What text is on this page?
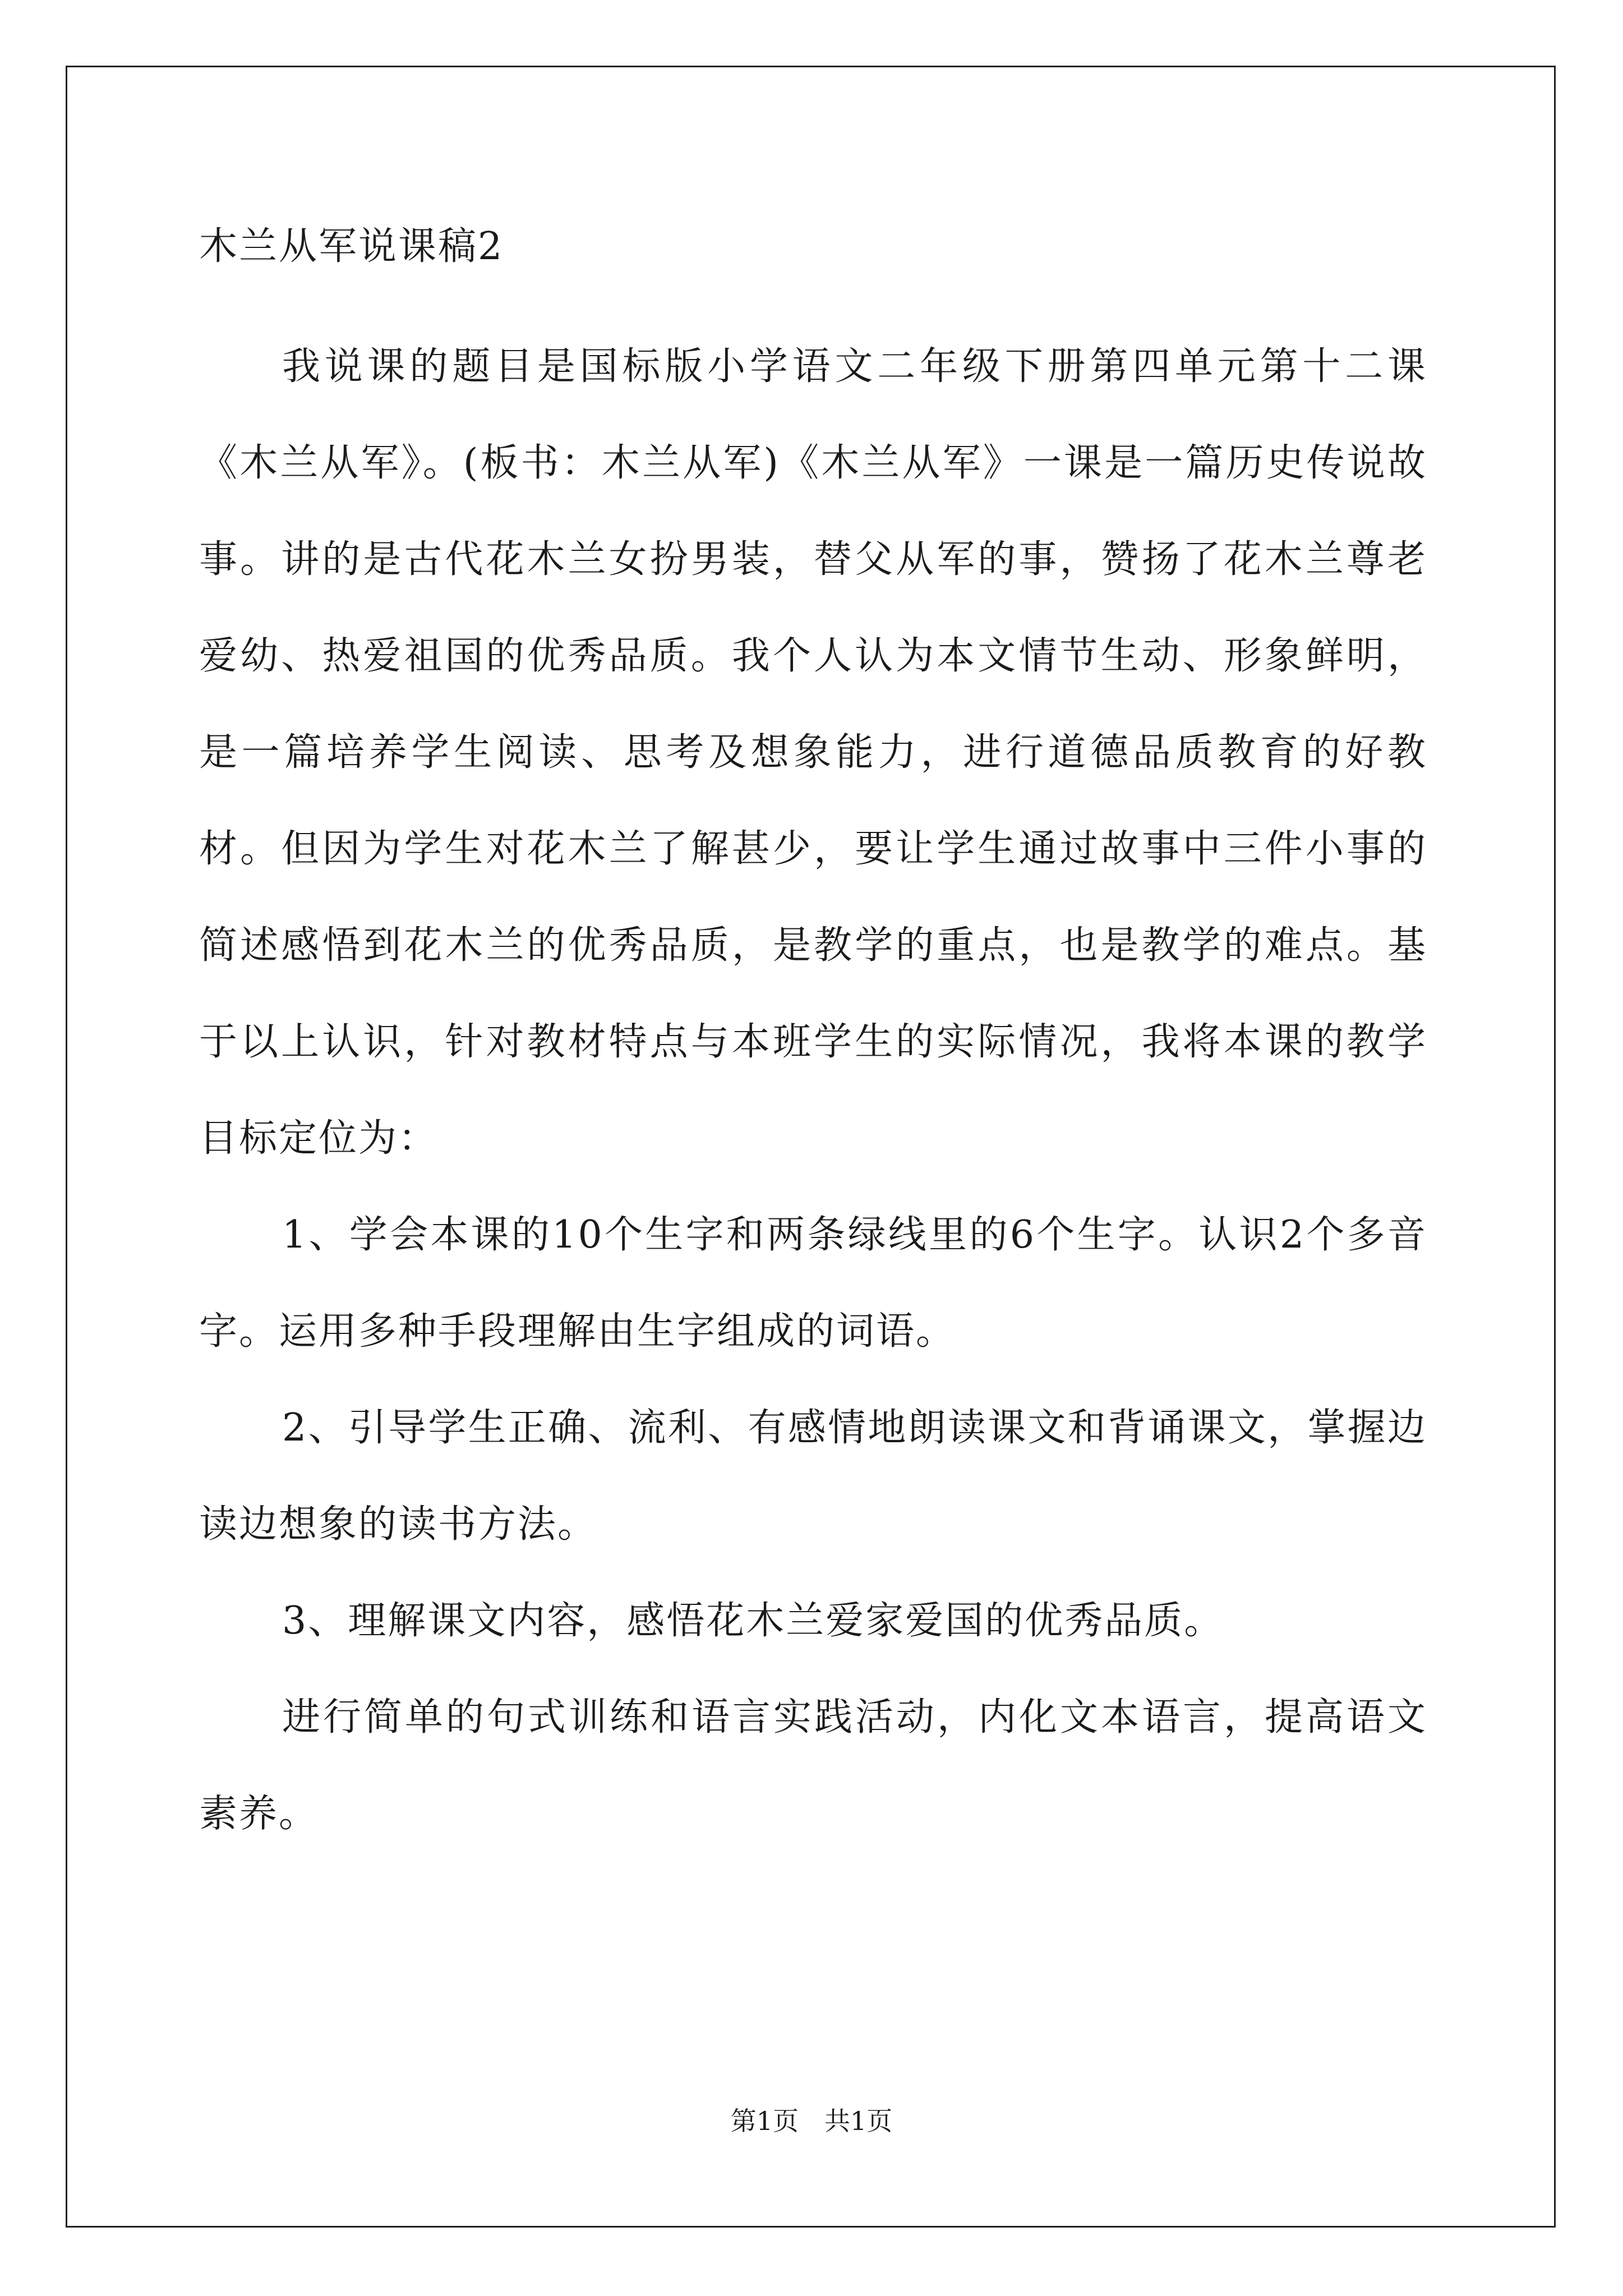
木兰从军说课稿2

我说课的题目是国标版小学语文二年级下册第四单元第十二课《木兰从军》。(板书：木兰从军)《木兰从军》一课是一篇历史传说故事。讲的是古代花木兰女扮男装，替父从军的事，赞扬了花木兰尊老爱幼、热爱祖国的优秀品质。我个人认为本文情节生动、形象鲜明，是一篇培养学生阅读、思考及想象能力，进行道德品质教育的好教材。但因为学生对花木兰了解甚少，要让学生通过故事中三件小事的简述感悟到花木兰的优秀品质，是教学的重点，也是教学的难点。基于以上认识，针对教材特点与本班学生的实际情况，我将本课的教学目标定位为：

1、学会本课的10个生字和两条绿线里的6个生字。认识2个多音字。运用多种手段理解由生字组成的词语。

2、引导学生正确、流利、有感情地朗读课文和背诵课文，掌握边读边想象的读书方法。

3、理解课文内容，感悟花木兰爱家爱国的优秀品质。

进行简单的句式训练和语言实践活动，内化文本语言，提高语文素养。

第1页　共1页
